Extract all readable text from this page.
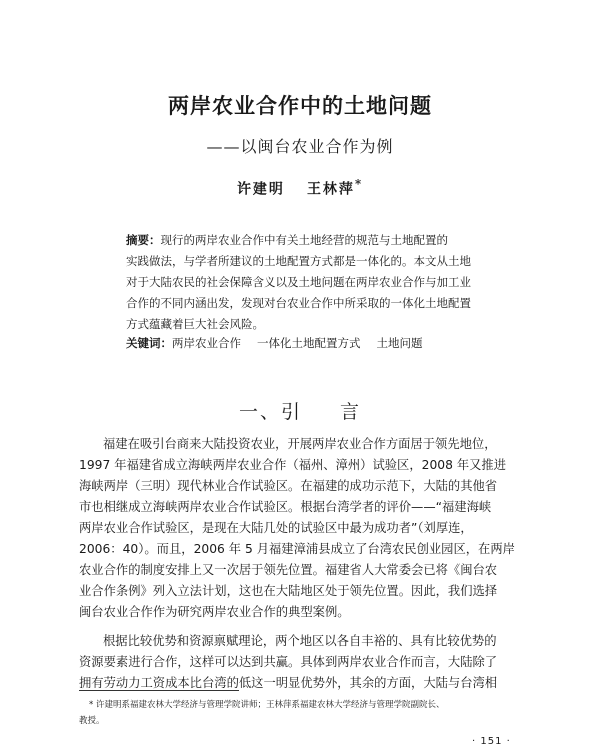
两岸农业合作中的土地问题
——以闽台农业合作为例
许建明 王林萍*
摘要：现行的两岸农业合作中有关土地经营的规范与土地配置的
实践做法，与学者所建议的土地配置方式都是一体化的。本文从土地
对于大陆农民的社会保障含义以及土地问题在两岸农业合作与加工业
合作的不同内涵出发，发现对台农业合作中所采取的一体化土地配置
方式蕴藏着巨大社会风险。
关键词：两岸农业合作 一体化土地配置方式 土地问题
一、引 言
福建在吸引台商来大陆投资农业，开展两岸农业合作方面居于领先地位，
1997 年福建省成立海峡两岸农业合作（福州、漳州）试验区，2008 年又推进
海峡两岸（三明）现代林业合作试验区。在福建的成功示范下，大陆的其他省
市也相继成立海峡两岸农业合作试验区。根据台湾学者的评价——“福建海峡
两岸农业合作试验区，是现在大陆几处的试验区中最为成功者”（刘厚连，
2006：40）。而且，2006 年 5 月福建漳浦县成立了台湾农民创业园区，在两岸
农业合作的制度安排上又一次居于领先位置。福建省人大常委会已将《闽台农
业合作条例》列入立法计划，这也在大陆地区处于领先位置。因此，我们选择
闽台农业合作作为研究两岸农业合作的典型案例。
根据比较优势和资源禀赋理论，两个地区以各自丰裕的、具有比较优势的
资源要素进行合作，这样可以达到共赢。具体到两岸农业合作而言，大陆除了
拥有劳动力工资成本比台湾的低这一明显优势外，其余的方面，大陆与台湾相
* 许建明系福建农林大学经济与管理学院讲师；王林萍系福建农林大学经济与管理学院副院长、
教授。
· 151 ·
